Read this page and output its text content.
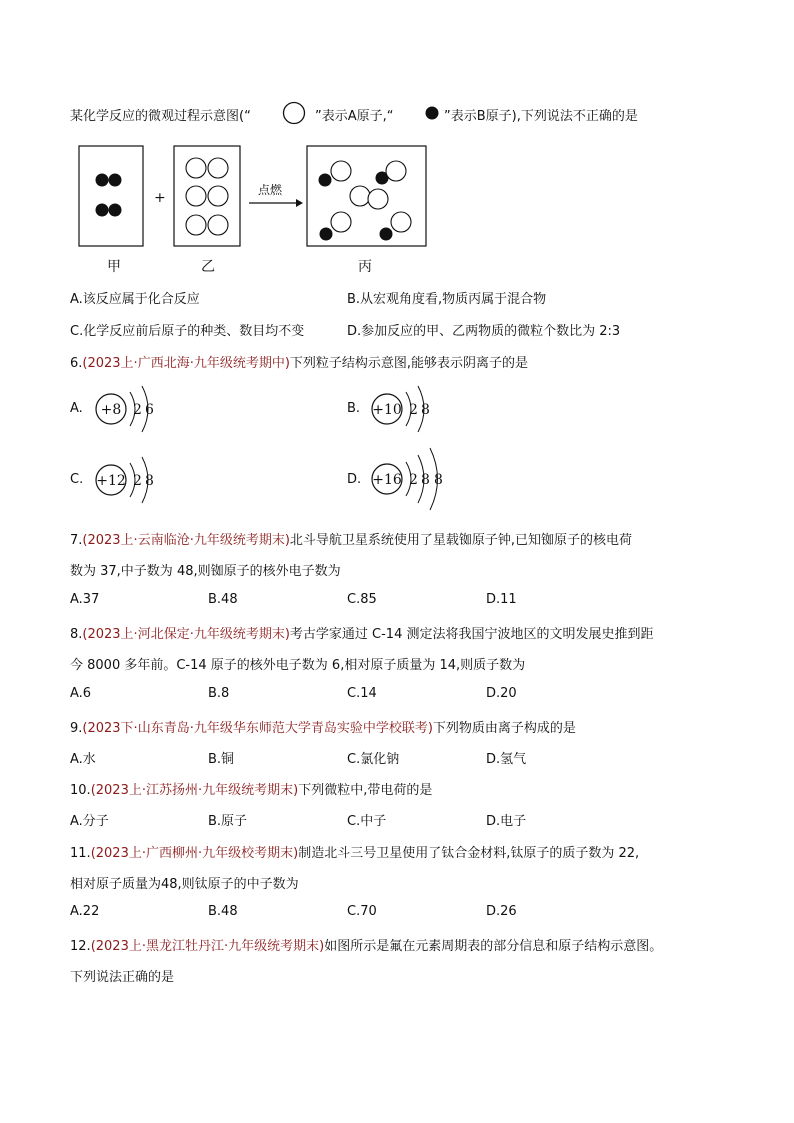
某化学反应的微观过程示意图(“	”表示A原子,“	”表示B原子),下列说法不正确的是
+	点燃
甲	乙	丙
A.该反应属于化合反应	B.从宏观角度看,物质丙属于混合物
C.化学反应前后原子的种类、数目均不变	D.参加反应的甲、乙两物质的微粒个数比为 2:3
6.(2023上·广西北海·九年级统考期中)下列粒子结构示意图,能够表示阴离子的是
A. +8 2 6	B. +10 2 8
C. +12 2 8	D. +16 2 8 8
7.(2023上·云南临沧·九年级统考期末)北斗导航卫星系统使用了星载铷原子钟,已知铷原子的核电荷
数为 37,中子数为 48,则铷原子的核外电子数为
A.37	B.48	C.85	D.11
8.(2023上·河北保定·九年级统考期末)考古学家通过 C-14 测定法将我国宁波地区的文明发展史推到距
今 8000 多年前。C-14 原子的核外电子数为 6,相对原子质量为 14,则质子数为
A.6	B.8	C.14	D.20
9.(2023下·山东青岛·九年级华东师范大学青岛实验中学校联考)下列物质由离子构成的是
A.水	B.铜	C.氯化钠	D.氢气
10.(2023上·江苏扬州·九年级统考期末)下列微粒中,带电荷的是
A.分子	B.原子	C.中子	D.电子
11.(2023上·广西柳州·九年级校考期末)制造北斗三号卫星使用了钛合金材料,钛原子的质子数为 22,
相对原子质量为48,则钛原子的中子数为
A.22	B.48	C.70	D.26
12.(2023上·黑龙江牡丹江·九年级统考期末)如图所示是氟在元素周期表的部分信息和原子结构示意图。
下列说法正确的是
